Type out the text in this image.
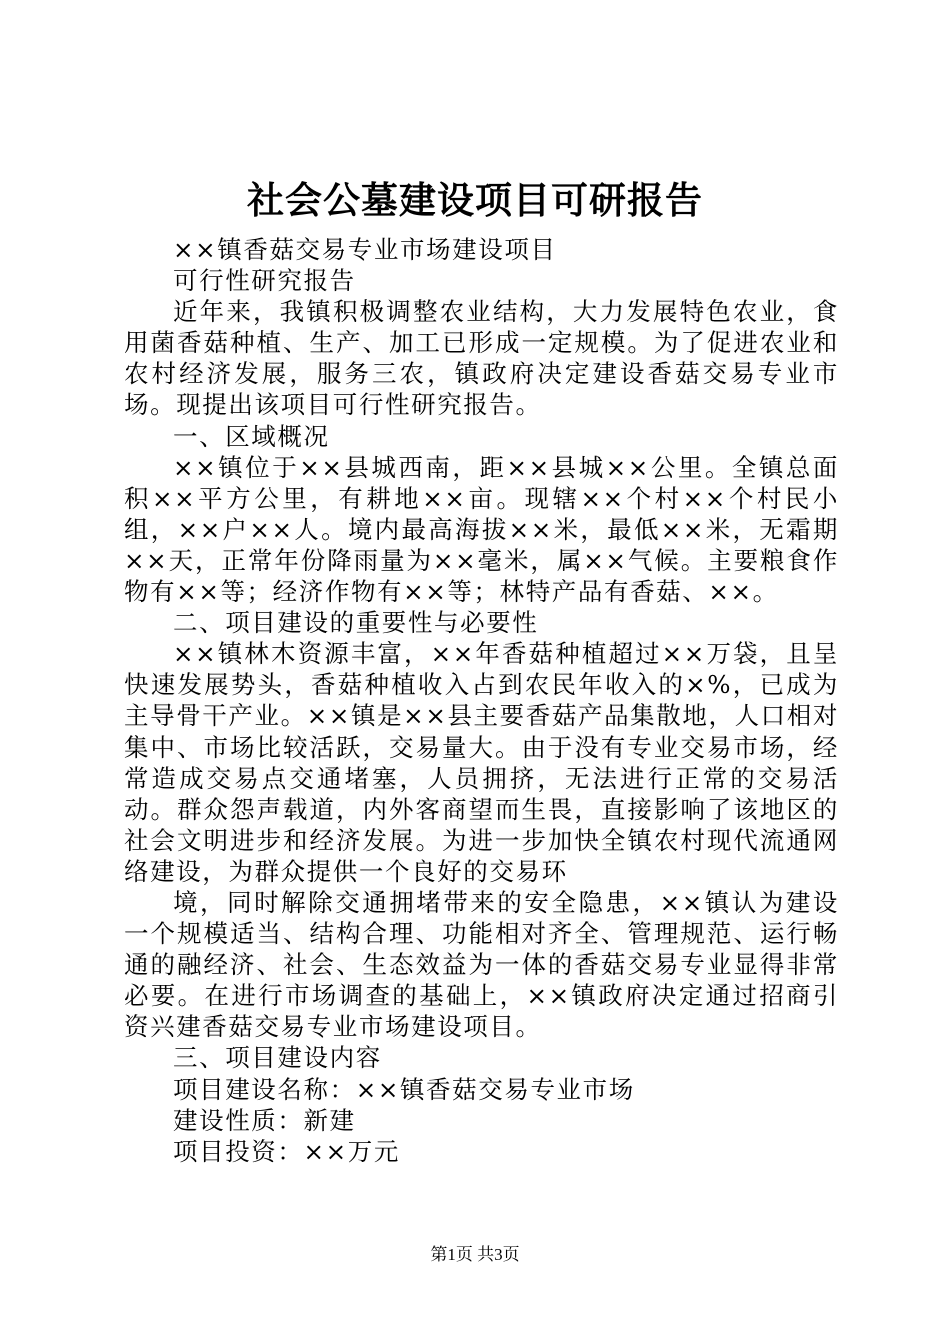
社会公墓建设项目可研报告

××镇香菇交易专业市场建设项目

可行性研究报告

近年来，我镇积极调整农业结构，大力发展特色农业，食用菌香菇种植、生产、加工已形成一定规模。为了促进农业和农村经济发展，服务三农，镇政府决定建设香菇交易专业市场。现提出该项目可行性研究报告。

一、区域概况

××镇位于××县城西南，距××县城××公里。全镇总面积××平方公里，有耕地××亩。现辖××个村××个村民小组，××户××人。境内最高海拔××米，最低××米，无霜期××天，正常年份降雨量为××毫米，属××气候。主要粮食作物有××等；经济作物有××等；林特产品有香菇、××。

二、项目建设的重要性与必要性

××镇林木资源丰富，××年香菇种植超过××万袋，且呈快速发展势头，香菇种植收入占到农民年收入的×%，已成为主导骨干产业。××镇是××县主要香菇产品集散地，人口相对集中、市场比较活跃，交易量大。由于没有专业交易市场，经常造成交易点交通堵塞，人员拥挤，无法进行正常的交易活动。群众怨声载道，内外客商望而生畏，直接影响了该地区的社会文明进步和经济发展。为进一步加快全镇农村现代流通网络建设，为群众提供一个良好的交易环

境，同时解除交通拥堵带来的安全隐患，××镇认为建设一个规模适当、结构合理、功能相对齐全、管理规范、运行畅通的融经济、社会、生态效益为一体的香菇交易专业显得非常必要。在进行市场调查的基础上，××镇政府决定通过招商引资兴建香菇交易专业市场建设项目。

三、项目建设内容

项目建设名称：××镇香菇交易专业市场

建设性质：新建

项目投资：××万元

第1页 共3页
